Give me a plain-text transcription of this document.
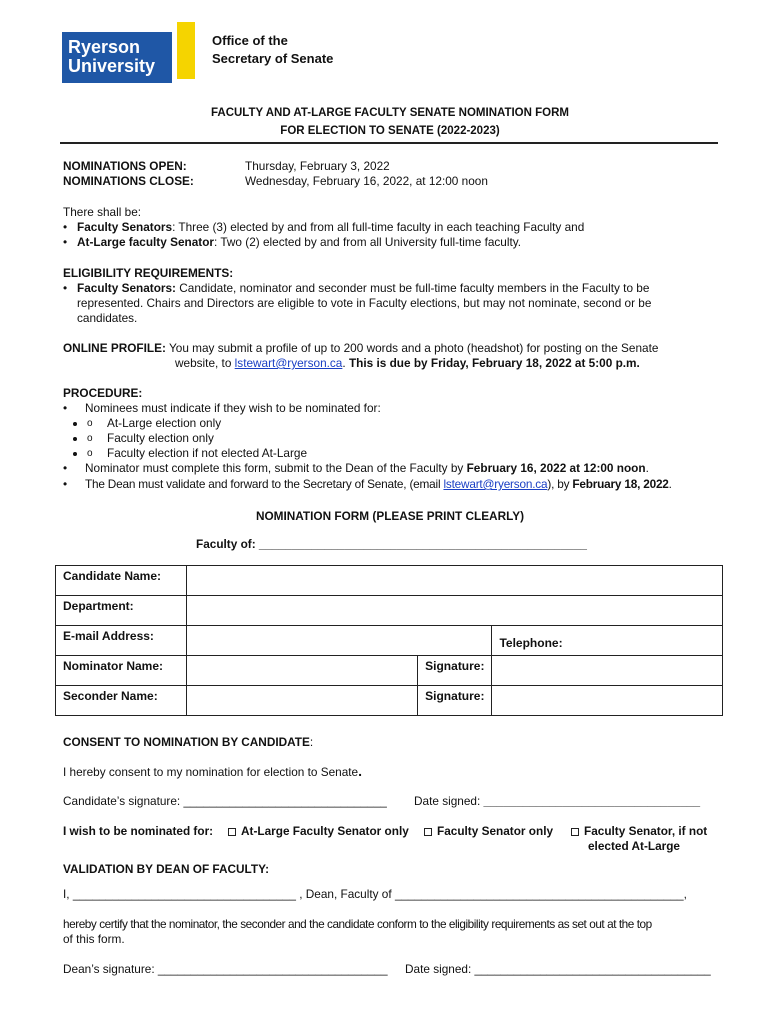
Ryerson
University
Office of the
Secretary of Senate
FACULTY AND AT-LARGE FACULTY SENATE NOMINATION FORM
FOR ELECTION TO SENATE (2022-2023)
NOMINATIONS OPEN:	Thursday, February 3, 2022
NOMINATIONS CLOSE:	Wednesday, February 16, 2022, at 12:00 noon
There shall be:
• Faculty Senators: Three (3) elected by and from all full-time faculty in each teaching Faculty and
• At-Large faculty Senator: Two (2) elected by and from all University full-time faculty.
ELIGIBILITY REQUIREMENTS:
• Faculty Senators: Candidate, nominator and seconder must be full-time faculty members in the Faculty to be
represented. Chairs and Directors are eligible to vote in Faculty elections, but may not nominate, second or be
candidates.
ONLINE PROFILE: You may submit a profile of up to 200 words and a photo (headshot) for posting on the Senate
website, to lstewart@ryerson.ca. This is due by Friday, February 18, 2022 at 5:00 p.m.
PROCEDURE:
• Nominees must indicate if they wish to be nominated for:
o • At-Large election only
o • Faculty election only
o • Faculty election if not elected At-Large
• Nominator must complete this form, submit to the Dean of the Faculty by February 16, 2022 at 12:00 noon.
• The Dean must validate and forward to the Secretary of Senate, (email lstewart@ryerson.ca), by February 18, 2022.
NOMINATION FORM (PLEASE PRINT CLEARLY)
Faculty of: __________________________________________________
Candidate Name:			
Department:			
E-mail Address:			Telephone:
Nominator Name:		Signature:	
Seconder Name:		Signature:	
CONSENT TO NOMINATION BY CANDIDATE:
I hereby consent to my nomination for election to Senate.
Candidate’s signature: _______________________________ Date signed: _________________________________
I wish to be nominated for:	At-Large Faculty Senator only	Faculty Senator only	Faculty Senator, if not
elected At-Large
VALIDATION BY DEAN OF FACULTY:
I, __________________________________ , Dean, Faculty of ____________________________________________,
hereby certify that the nominator, the seconder and the candidate conform to the eligibility requirements as set out at the top
of this form.
Dean’s signature: ___________________________________ Date signed: ____________________________________
